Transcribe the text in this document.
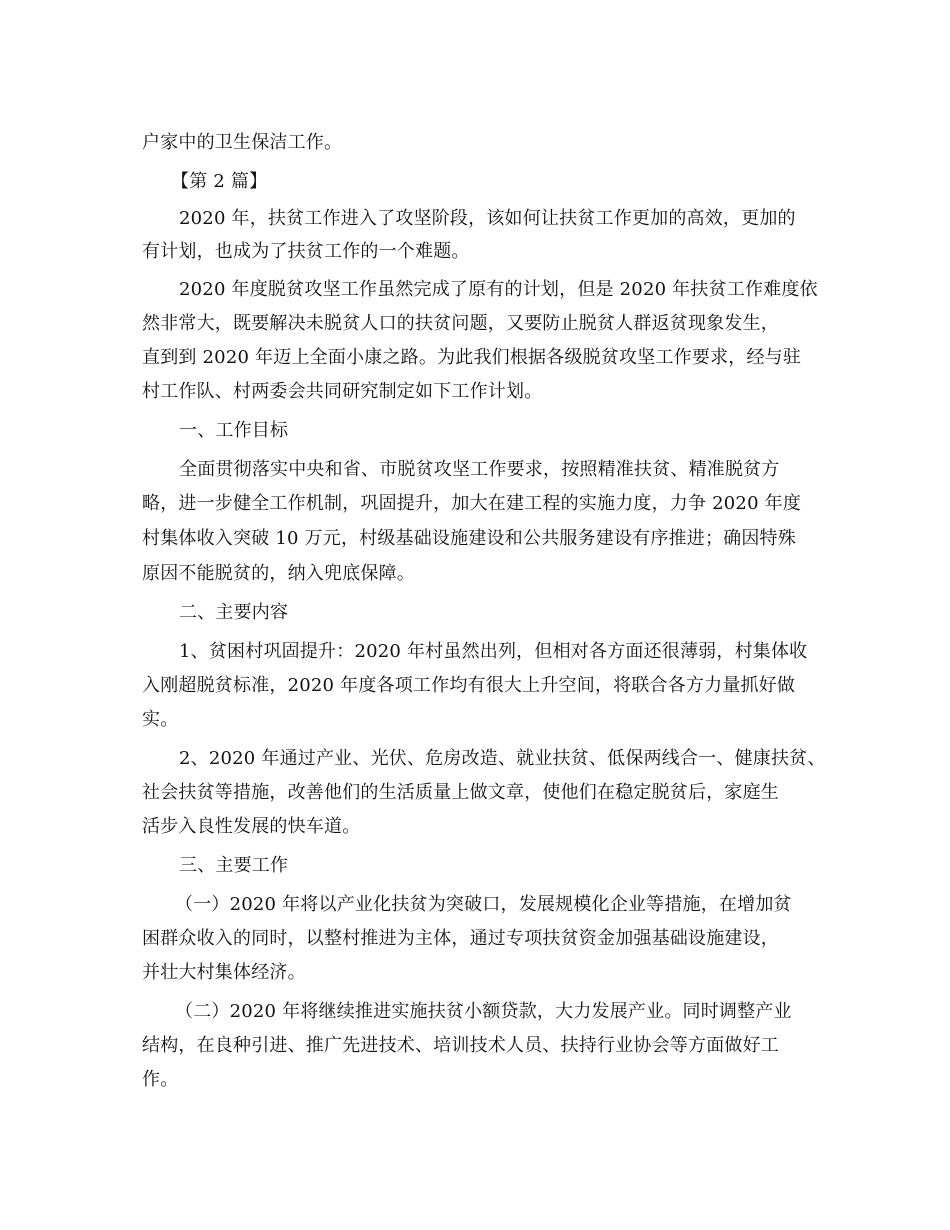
户家中的卫生保洁工作。
【第 2 篇】
2020 年，扶贫工作进入了攻坚阶段，该如何让扶贫工作更加的高效，更加的
有计划，也成为了扶贫工作的一个难题。
2020 年度脱贫攻坚工作虽然完成了原有的计划，但是 2020 年扶贫工作难度依
然非常大，既要解决未脱贫人口的扶贫问题，又要防止脱贫人群返贫现象发生，
直到到 2020 年迈上全面小康之路。为此我们根据各级脱贫攻坚工作要求，经与驻
村工作队、村两委会共同研究制定如下工作计划。
一、工作目标
全面贯彻落实中央和省、市脱贫攻坚工作要求，按照精准扶贫、精准脱贫方
略，进一步健全工作机制，巩固提升，加大在建工程的实施力度，力争 2020 年度
村集体收入突破 10 万元，村级基础设施建设和公共服务建设有序推进；确因特殊
原因不能脱贫的，纳入兜底保障。
二、主要内容
1、贫困村巩固提升：2020 年村虽然出列，但相对各方面还很薄弱，村集体收
入刚超脱贫标准，2020 年度各项工作均有很大上升空间，将联合各方力量抓好做
实。
2、2020 年通过产业、光伏、危房改造、就业扶贫、低保两线合一、健康扶贫、
社会扶贫等措施，改善他们的生活质量上做文章，使他们在稳定脱贫后，家庭生
活步入良性发展的快车道。
三、主要工作
（一）2020 年将以产业化扶贫为突破口，发展规模化企业等措施，在增加贫
困群众收入的同时，以整村推进为主体，通过专项扶贫资金加强基础设施建设，
并壮大村集体经济。
（二）2020 年将继续推进实施扶贫小额贷款，大力发展产业。同时调整产业
结构，在良种引进、推广先进技术、培训技术人员、扶持行业协会等方面做好工
作。
